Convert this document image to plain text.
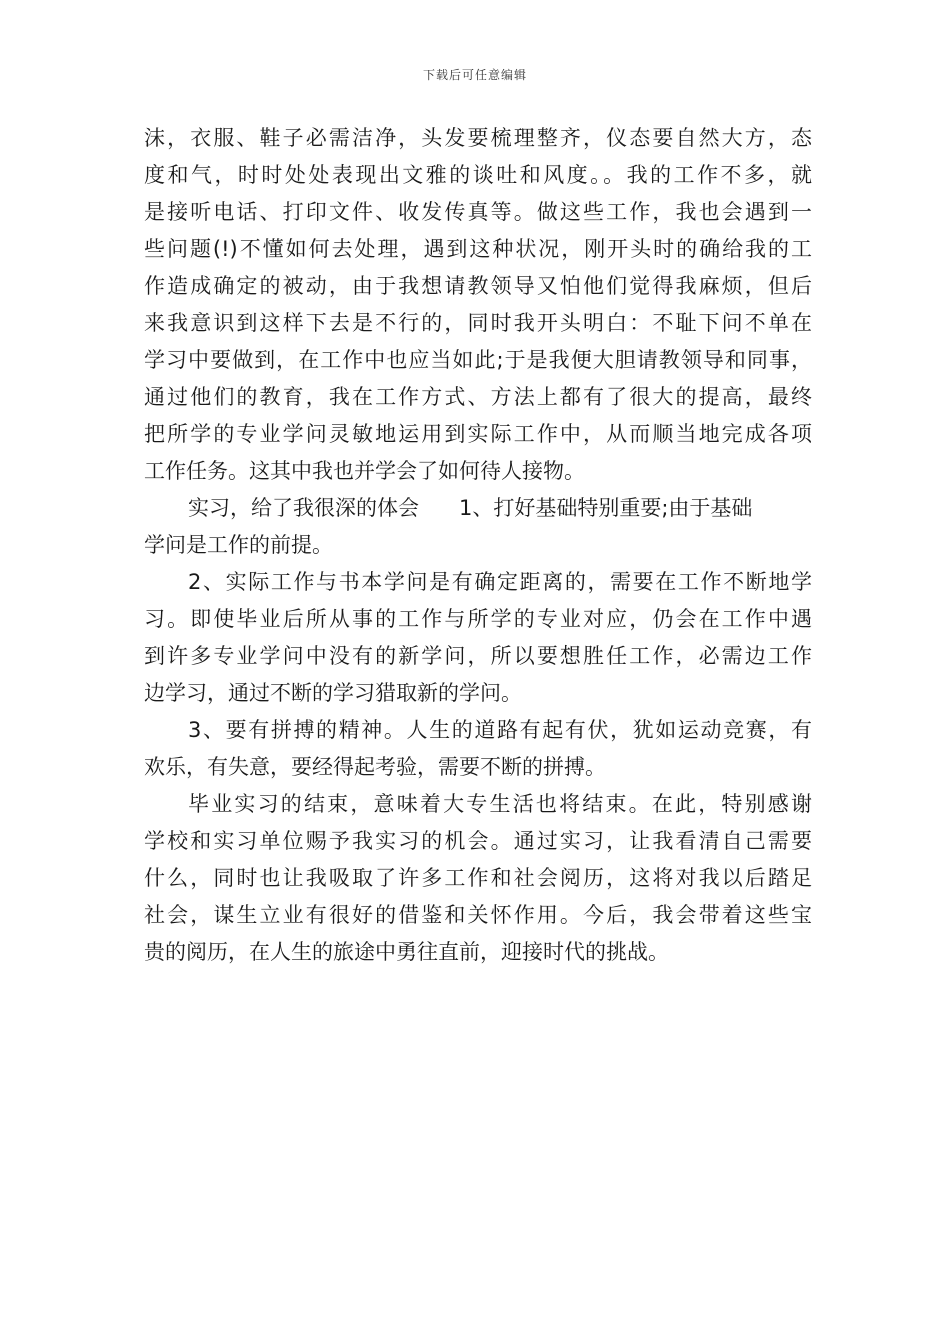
下载后可任意编辑
沫，衣服、鞋子必需洁净，头发要梳理整齐，仪态要自然大方，态
度和气，时时处处表现出文雅的谈吐和风度。。我的工作不多，就
是接听电话、打印文件、收发传真等。做这些工作，我也会遇到一
些问题(!)不懂如何去处理，遇到这种状况，刚开头时的确给我的工
作造成确定的被动，由于我想请教领导又怕他们觉得我麻烦，但后
来我意识到这样下去是不行的，同时我开头明白：不耻下问不单在
学习中要做到，在工作中也应当如此;于是我便大胆请教领导和同事，
通过他们的教育，我在工作方式、方法上都有了很大的提高，最终
把所学的专业学问灵敏地运用到实际工作中，从而顺当地完成各项
工作任务。这其中我也并学会了如何待人接物。
实习，给了我很深的体会 1、打好基础特别重要;由于基础
学问是工作的前提。
2、实际工作与书本学问是有确定距离的，需要在工作不断地学
习。即使毕业后所从事的工作与所学的专业对应，仍会在工作中遇
到许多专业学问中没有的新学问，所以要想胜任工作，必需边工作
边学习，通过不断的学习猎取新的学问。
3、要有拼搏的精神。人生的道路有起有伏，犹如运动竞赛，有
欢乐，有失意，要经得起考验，需要不断的拼搏。
毕业实习的结束，意味着大专生活也将结束。在此，特别感谢
学校和实习单位赐予我实习的机会。通过实习，让我看清自己需要
什么，同时也让我吸取了许多工作和社会阅历，这将对我以后踏足
社会，谋生立业有很好的借鉴和关怀作用。今后，我会带着这些宝
贵的阅历，在人生的旅途中勇往直前，迎接时代的挑战。
